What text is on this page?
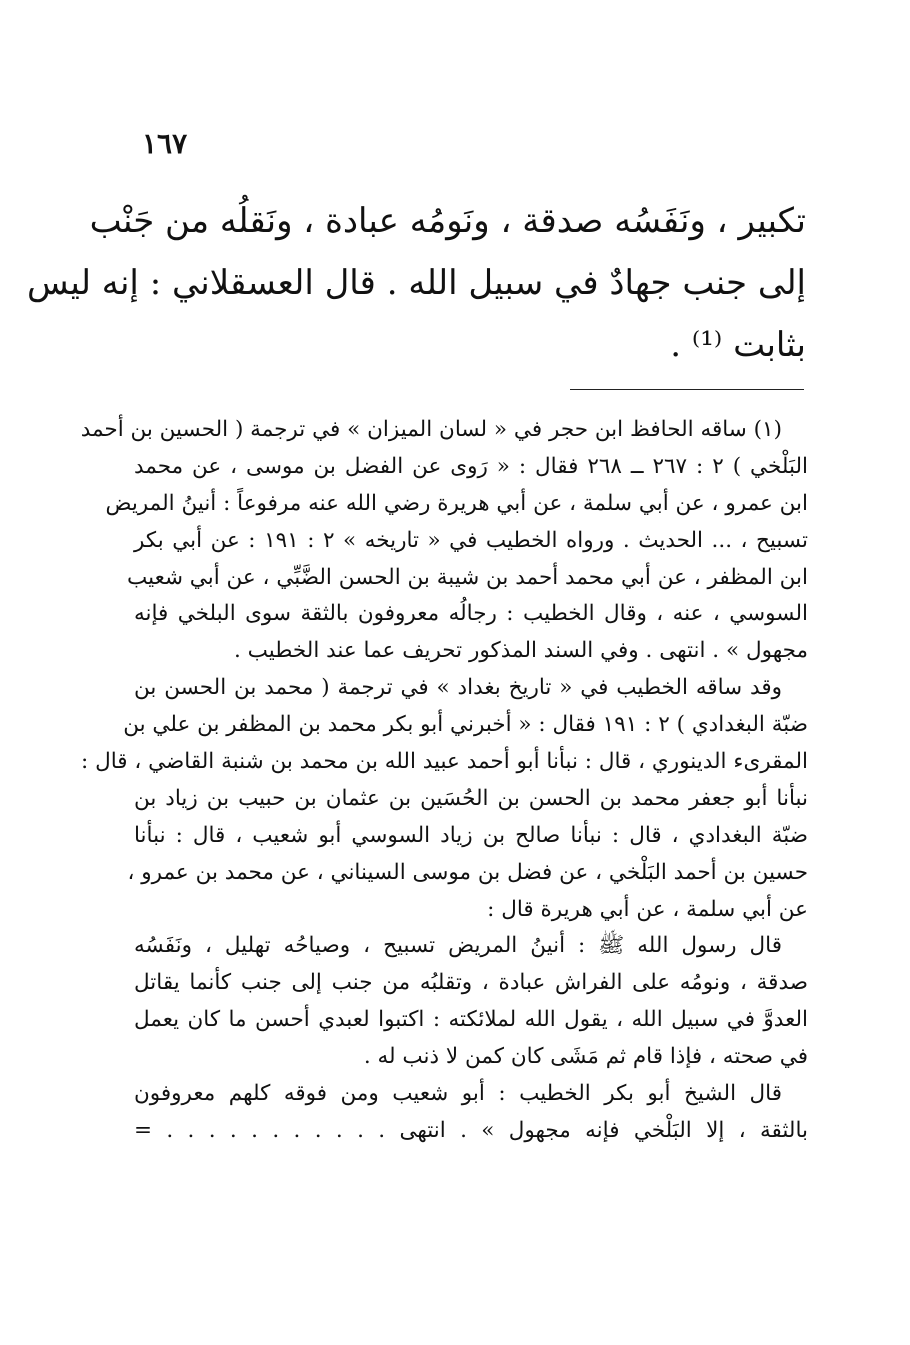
١٦٧
تكبير ، ونَفَسُه صدقة ، ونَومُه عبادة ، ونَقلُه من جَنْب
إلى جنب جهادٌ في سبيل الله . قال العسقلاني : إنه ليس
بثابت ⁽¹⁾ .
(١) ساقه الحافظ ابن حجر في « لسان الميزان » في ترجمة ( الحسين بن أحمد
البَلْخي ) ٢ : ٢٦٧ ــ ٢٦٨ فقال : « رَوى عن الفضل بن موسى ، عن محمد
ابن عمرو ، عن أبي سلمة ، عن أبي هريرة رضي الله عنه مرفوعاً : أنينُ المريض
تسبيح ، ... الحديث . ورواه الخطيب في « تاريخه » ٢ : ١٩١ : عن أبي بكر
ابن المظفر ، عن أبي محمد أحمد بن شيبة بن الحسن الضَّبِّي ، عن أبي شعيب
السوسي ، عنه ، وقال الخطيب : رجالُه معروفون بالثقة سوى البلخي فإنه
مجهول » . انتهى . وفي السند المذكور تحريف عما عند الخطيب .
وقد ساقه الخطيب في « تاريخ بغداد » في ترجمة ( محمد بن الحسن بن
ضبّة البغدادي ) ٢ : ١٩١ فقال : « أخبرني أبو بكر محمد بن المظفر بن علي بن
المقرىء الدينوري ، قال : نبأنا أبو أحمد عبيد الله بن محمد بن شنبة القاضي ، قال :
نبأنا أبو جعفر محمد بن الحسن بن الحُسَين بن عثمان بن حبيب بن زياد بن
ضبّة البغدادي ، قال : نبأنا صالح بن زياد السوسي أبو شعيب ، قال : نبأنا
حسين بن أحمد البَلْخي ، عن فضل بن موسى السيناني ، عن محمد بن عمرو ،
عن أبي سلمة ، عن أبي هريرة قال :
قال رسول الله ﷺ : أنينُ المريض تسبيح ، وصياحُه تهليل ، ونَفَسُه
صدقة ، ونومُه على الفراش عبادة ، وتقلبُه من جنب إلى جنب كأنما يقاتل
العدوَّ في سبيل الله ، يقول الله لملائكته : اكتبوا لعبدي أحسن ما كان يعمل
في صحته ، فإذا قام ثم مَشَى كان كمن لا ذنب له .
قال الشيخ أبو بكر الخطيب : أبو شعيب ومن فوقه كلهم معروفون
بالثقة ، إلا البَلْخي فإنه مجهول » . انتهى . . . . . . . . . . . =
